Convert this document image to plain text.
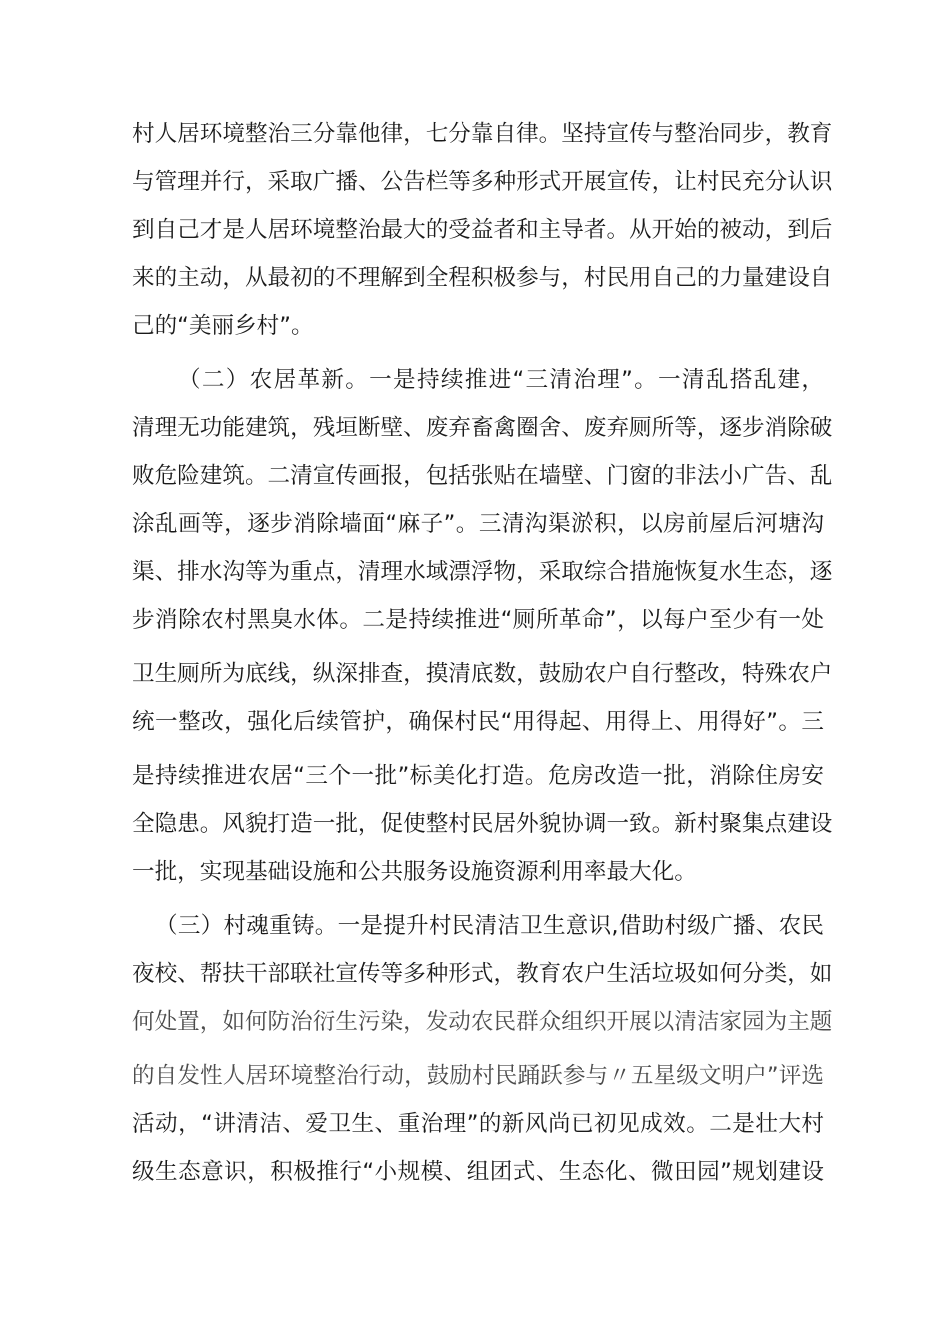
村人居环境整治三分靠他律，七分靠自律。坚持宣传与整治同步，教育
与管理并行，采取广播、公告栏等多种形式开展宣传，让村民充分认识
到自己才是人居环境整治最大的受益者和主导者。从开始的被动，到后
来的主动，从最初的不理解到全程积极参与，村民用自己的力量建设自
己的“美丽乡村”。
（二）农居革新。一是持续推进“三清治理”。一清乱搭乱建，
清理无功能建筑，残垣断壁、废弃畜禽圈舍、废弃厕所等，逐步消除破
败危险建筑。二清宣传画报，包括张贴在墙壁、门窗的非法小广告、乱
涂乱画等，逐步消除墙面“麻子”。三清沟渠淤积，以房前屋后河塘沟
渠、排水沟等为重点，清理水域漂浮物，采取综合措施恢复水生态，逐
步消除农村黑臭水体。二是持续推进“厕所革命”，以每户至少有一处
卫生厕所为底线，纵深排查，摸清底数，鼓励农户自行整改，特殊农户
统一整改，强化后续管护，确保村民“用得起、用得上、用得好”。三
是持续推进农居“三个一批”标美化打造。危房改造一批，消除住房安
全隐患。风貌打造一批，促使整村民居外貌协调一致。新村聚集点建设
一批，实现基础设施和公共服务设施资源利用率最大化。
（三）村魂重铸。一是提升村民清洁卫生意识,借助村级广播、农民
夜校、帮扶干部联社宣传等多种形式，教育农户生活垃圾如何分类，如
何处置，如何防治衍生污染，发动农民群众组织开展以清洁家园为主题
的自发性人居环境整治行动，鼓励村民踊跃参与〃五星级文明户”评选
活动，“讲清洁、爱卫生、重治理”的新风尚已初见成效。二是壮大村
级生态意识，积极推行“小规模、组团式、生态化、微田园”规划建设
